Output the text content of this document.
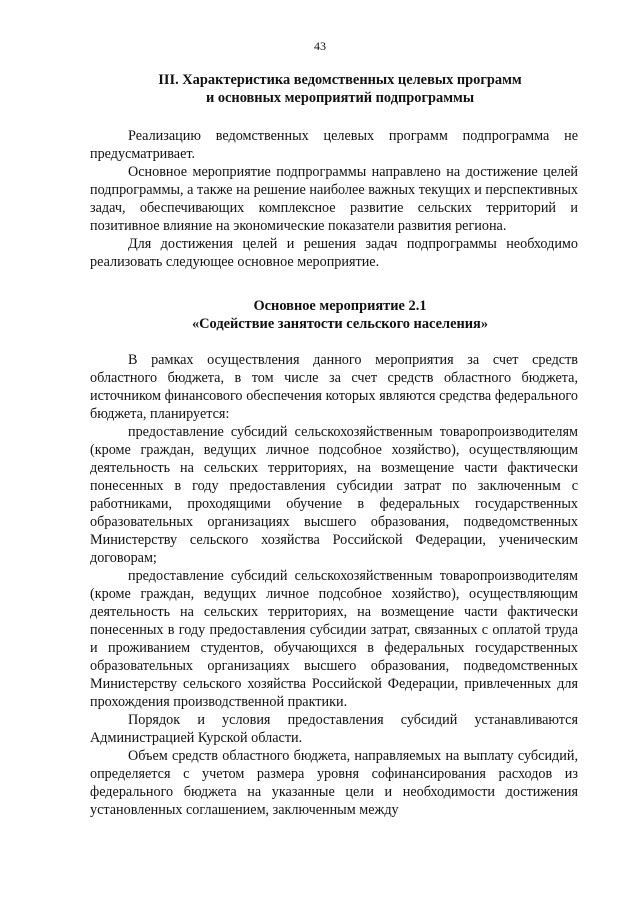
43
III. Характеристика ведомственных целевых программ
и основных мероприятий подпрограммы

Реализацию ведомственных целевых программ подпрограмма не предусматривает.

Основное мероприятие подпрограммы направлено на достижение целей подпрограммы, а также на решение наиболее важных текущих и перспективных задач, обеспечивающих комплексное развитие сельских территорий и позитивное влияние на экономические показатели развития региона.

Для достижения целей и решения задач подпрограммы необходимо реализовать следующее основное мероприятие.

Основное мероприятие 2.1
«Содействие занятости сельского населения»

В рамках осуществления данного мероприятия за счет средств областного бюджета, в том числе за счет средств областного бюджета, источником финансового обеспечения которых являются средства федерального бюджета, планируется:

предоставление субсидий сельскохозяйственным товаропроизводителям (кроме граждан, ведущих личное подсобное хозяйство), осуществляющим деятельность на сельских территориях, на возмещение части фактически понесенных в году предоставления субсидии затрат по заключенным с работниками, проходящими обучение в федеральных государственных образовательных организациях высшего образования, подведомственных Министерству сельского хозяйства Российской Федерации, ученическим договорам;

предоставление субсидий сельскохозяйственным товаропроизводителям (кроме граждан, ведущих личное подсобное хозяйство), осуществляющим деятельность на сельских территориях, на возмещение части фактически понесенных в году предоставления субсидии затрат, связанных с оплатой труда и проживанием студентов, обучающихся в федеральных государственных образовательных организациях высшего образования, подведомственных Министерству сельского хозяйства Российской Федерации, привлеченных для прохождения производственной практики.

Порядок и условия предоставления субсидий устанавливаются Администрацией Курской области.

Объем средств областного бюджета, направляемых на выплату субсидий, определяется с учетом размера уровня софинансирования расходов из федерального бюджета на указанные цели и необходимости достижения установленных соглашением, заключенным между
